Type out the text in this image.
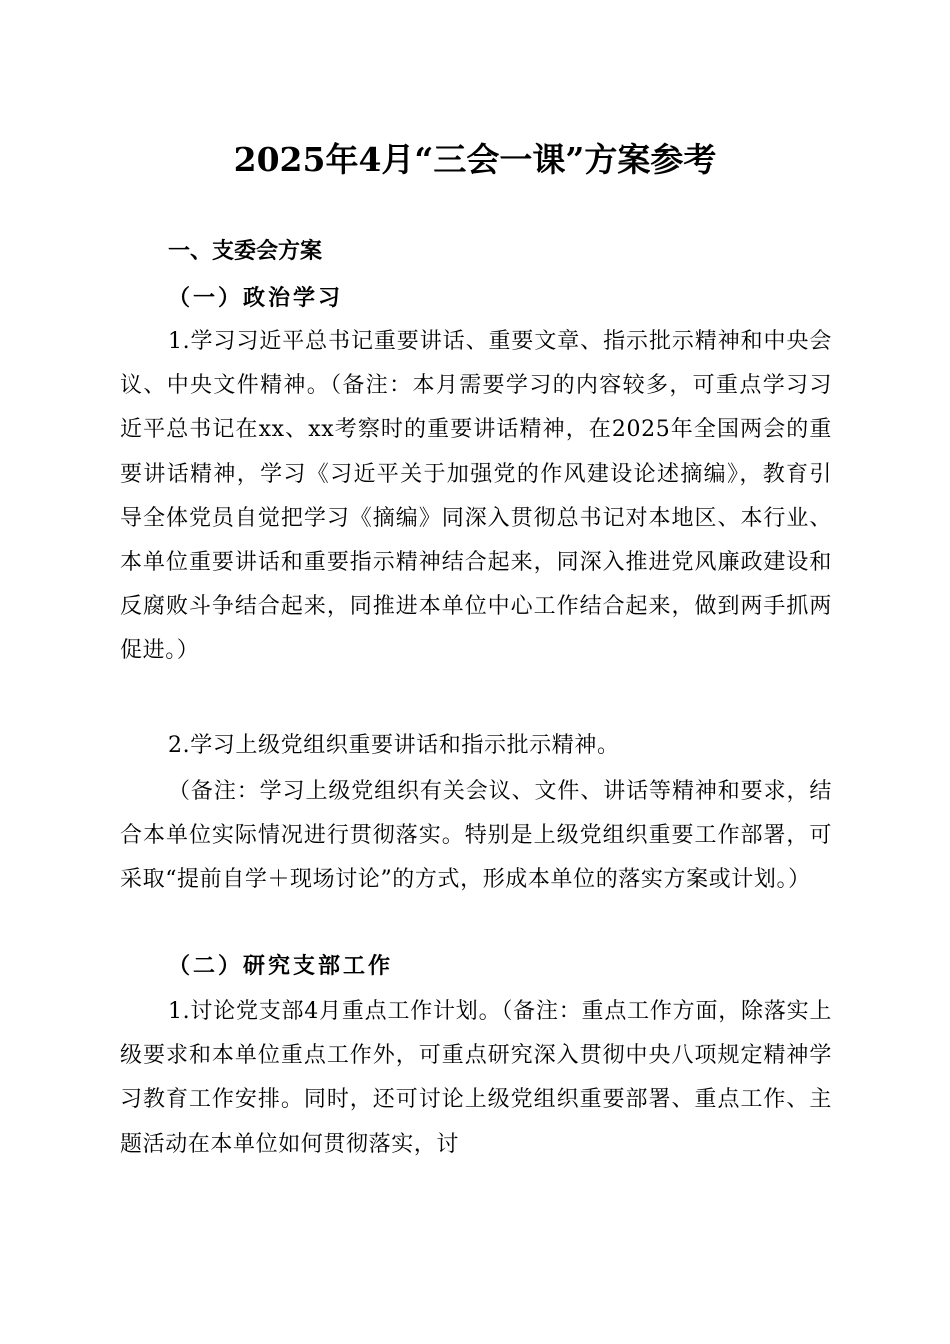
2025年4月“三会一课”方案参考
一、支委会方案
（一）政治学习

1.学习习近平总书记重要讲话、重要文章、指示批示精神和中央会议、中央文件精神。（备注：本月需要学习的内容较多，可重点学习习近平总书记在xx、xx考察时的重要讲话精神，在2025年全国两会的重要讲话精神，学习《习近平关于加强党的作风建设论述摘编》，教育引导全体党员自觉把学习《摘编》同深入贯彻总书记对本地区、本行业、本单位重要讲话和重要指示精神结合起来，同深入推进党风廉政建设和反腐败斗争结合起来，同推进本单位中心工作结合起来，做到两手抓两促进。）

2.学习上级党组织重要讲话和指示批示精神。

（备注：学习上级党组织有关会议、文件、讲话等精神和要求，结合本单位实际情况进行贯彻落实。特别是上级党组织重要工作部署，可采取“提前自学＋现场讨论”的方式，形成本单位的落实方案或计划。）

（二）研究支部工作

1.讨论党支部4月重点工作计划。（备注：重点工作方面，除落实上级要求和本单位重点工作外，可重点研究深入贯彻中央八项规定精神学习教育工作安排。同时，还可讨论上级党组织重要部署、重点工作、主题活动在本单位如何贯彻落实，讨
